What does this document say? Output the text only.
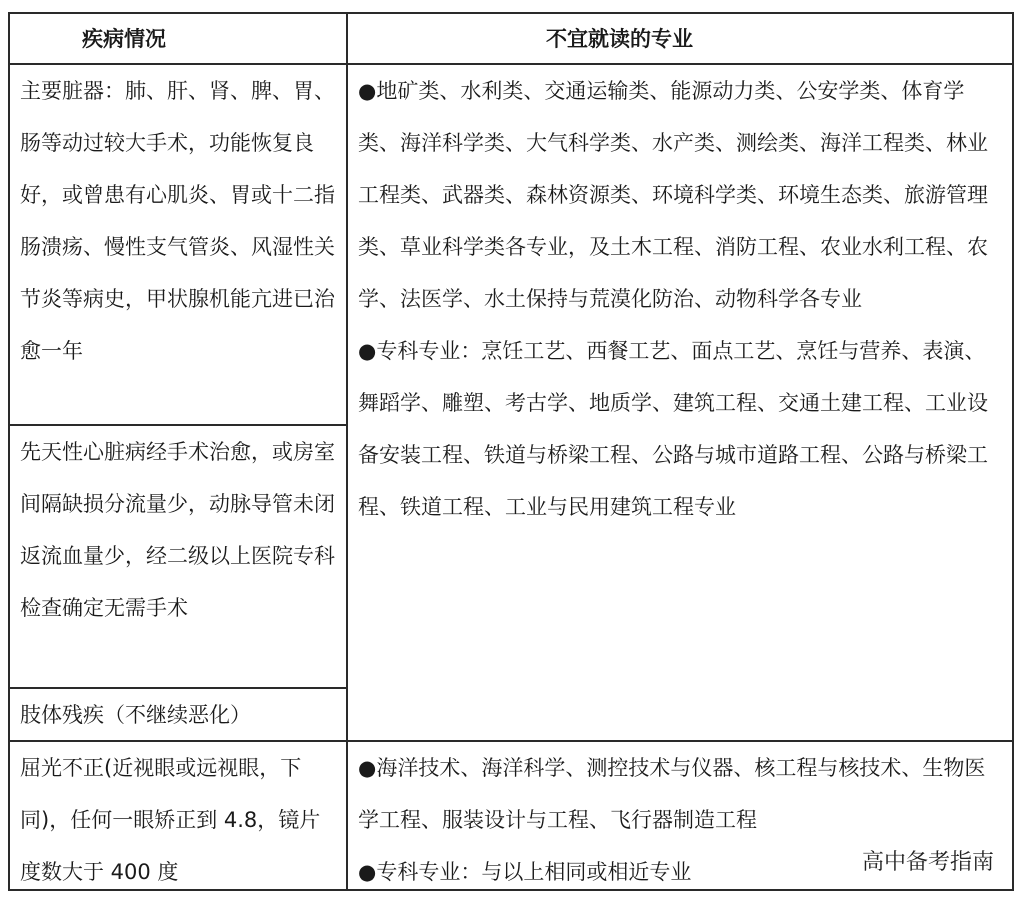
疾病情况	不宜就读的专业

主要脏器：肺、肝、肾、脾、胃、肠等动过较大手术，功能恢复良好，或曾患有心肌炎、胃或十二指肠溃疡、慢性支气管炎、风湿性关节炎等病史，甲状腺机能亢进已治愈一年

先天性心脏病经手术治愈，或房室间隔缺损分流量少，动脉导管未闭返流血量少，经二级以上医院专科检查确定无需手术

肢体残疾（不继续恶化）

●地矿类、水利类、交通运输类、能源动力类、公安学类、体育学类、海洋科学类、大气科学类、水产类、测绘类、海洋工程类、林业工程类、武器类、森林资源类、环境科学类、环境生态类、旅游管理类、草业科学类各专业，及土木工程、消防工程、农业水利工程、农学、法医学、水土保持与荒漠化防治、动物科学各专业

●专科专业：烹饪工艺、西餐工艺、面点工艺、烹饪与营养、表演、舞蹈学、雕塑、考古学、地质学、建筑工程、交通土建工程、工业设备安装工程、铁道与桥梁工程、公路与城市道路工程、公路与桥梁工程、铁道工程、工业与民用建筑工程专业

屈光不正(近视眼或远视眼，下同)，任何一眼矫正到 4.8，镜片度数大于 400 度

●海洋技术、海洋科学、测控技术与仪器、核工程与核技术、生物医学工程、服装设计与工程、飞行器制造工程

●专科专业：与以上相同或相近专业	高中备考指南
